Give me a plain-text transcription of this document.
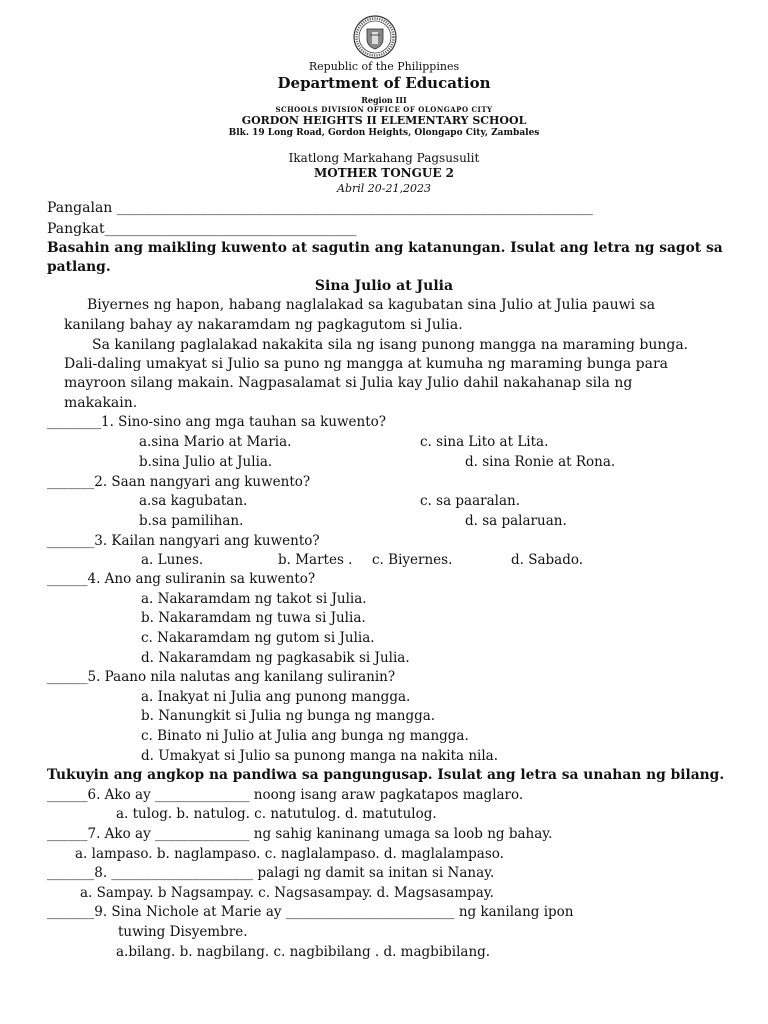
Republic of the Philippines
Department of Education
Region III
SCHOOLS DIVISION OFFICE OF OLONGAPO CITY
GORDON HEIGHTS II ELEMENTARY SCHOOL
Blk. 19 Long Road, Gordon Heights, Olongapo City, Zambales
Ikatlong Markahang Pagsusulit
MOTHER TONGUE 2
Abril 20-21,2023
Pangalan ____________________________________________________________________
Pangkat____________________________________
Basahin ang maikling kuwento at sagutin ang katanungan. Isulat ang letra ng sagot sa
patlang.
Sina Julio at Julia
Biyernes ng hapon, habang naglalakad sa kagubatan sina Julio at Julia pauwi sa
kanilang bahay ay nakaramdam ng pagkagutom si Julia.
Sa kanilang paglalakad nakakita sila ng isang punong mangga na maraming bunga.
Dali-daling umakyat si Julio sa puno ng mangga at kumuha ng maraming bunga para
mayroon silang makain. Nagpasalamat si Julia kay Julio dahil nakahanap sila ng
makakain.
________1. Sino-sino ang mga tauhan sa kuwento?
a.sina Mario at Maria.	c. sina Lito at Lita.
b.sina Julio at Julia.	d. sina Ronie at Rona.
_______2. Saan nangyari ang kuwento?
a.sa kagubatan.	c. sa paaralan.
b.sa pamilihan.	d. sa palaruan.
_______3. Kailan nangyari ang kuwento?
a. Lunes.	b. Martes . c. Biyernes.	d. Sabado.
______4. Ano ang suliranin sa kuwento?
a. Nakaramdam ng takot si Julia.
b. Nakaramdam ng tuwa si Julia.
c. Nakaramdam ng gutom si Julia.
d. Nakaramdam ng pagkasabik si Julia.
______5. Paano nila nalutas ang kanilang suliranin?
a. Inakyat ni Julia ang punong mangga.
b. Nanungkit si Julia ng bunga ng mangga.
c. Binato ni Julio at Julia ang bunga ng mangga.
d. Umakyat si Julio sa punong manga na nakita nila.
Tukuyin ang angkop na pandiwa sa pangungusap. Isulat ang letra sa unahan ng bilang.
______6. Ako ay ______________ noong isang araw pagkatapos maglaro.
a. tulog. b. natulog. c. natutulog. d. matutulog.
______7. Ako ay ______________ ng sahig kaninang umaga sa loob ng bahay.
a. lampaso. b. naglampaso. c. naglalampaso. d. maglalampaso.
_______8. _____________________ palagi ng damit sa initan si Nanay.
a. Sampay. b Nagsampay. c. Nagsasampay. d. Magsasampay.
_______9. Sina Nichole at Marie ay _________________________ ng kanilang ipon
tuwing Disyembre.
a.bilang. b. nagbilang. c. nagbibilang . d. magbibilang.
